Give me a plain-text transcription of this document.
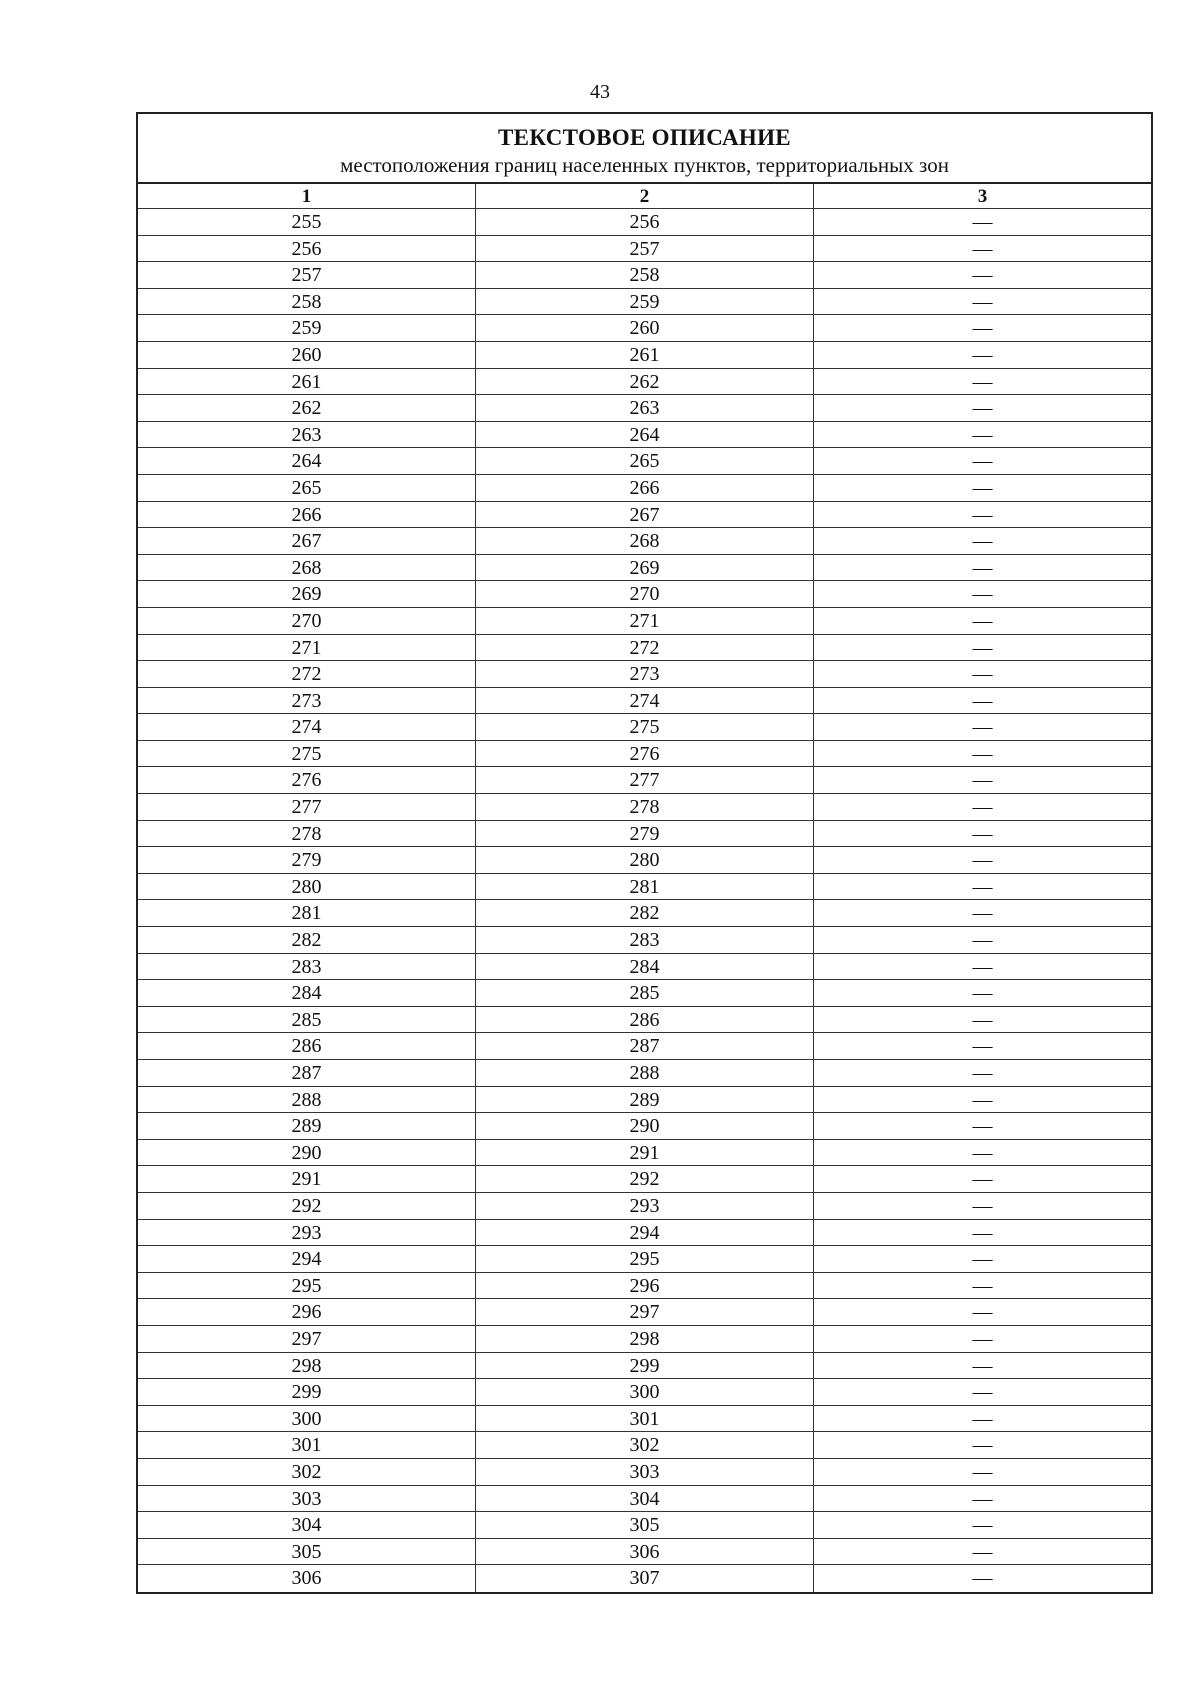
43
ТЕКСТОВОЕ ОПИСАНИЕ
местоположения границ населенных пунктов, территориальных зон
1	2	3
255	256	—
256	257	—
257	258	—
258	259	—
259	260	—
260	261	—
261	262	—
262	263	—
263	264	—
264	265	—
265	266	—
266	267	—
267	268	—
268	269	—
269	270	—
270	271	—
271	272	—
272	273	—
273	274	—
274	275	—
275	276	—
276	277	—
277	278	—
278	279	—
279	280	—
280	281	—
281	282	—
282	283	—
283	284	—
284	285	—
285	286	—
286	287	—
287	288	—
288	289	—
289	290	—
290	291	—
291	292	—
292	293	—
293	294	—
294	295	—
295	296	—
296	297	—
297	298	—
298	299	—
299	300	—
300	301	—
301	302	—
302	303	—
303	304	—
304	305	—
305	306	—
306	307	—
